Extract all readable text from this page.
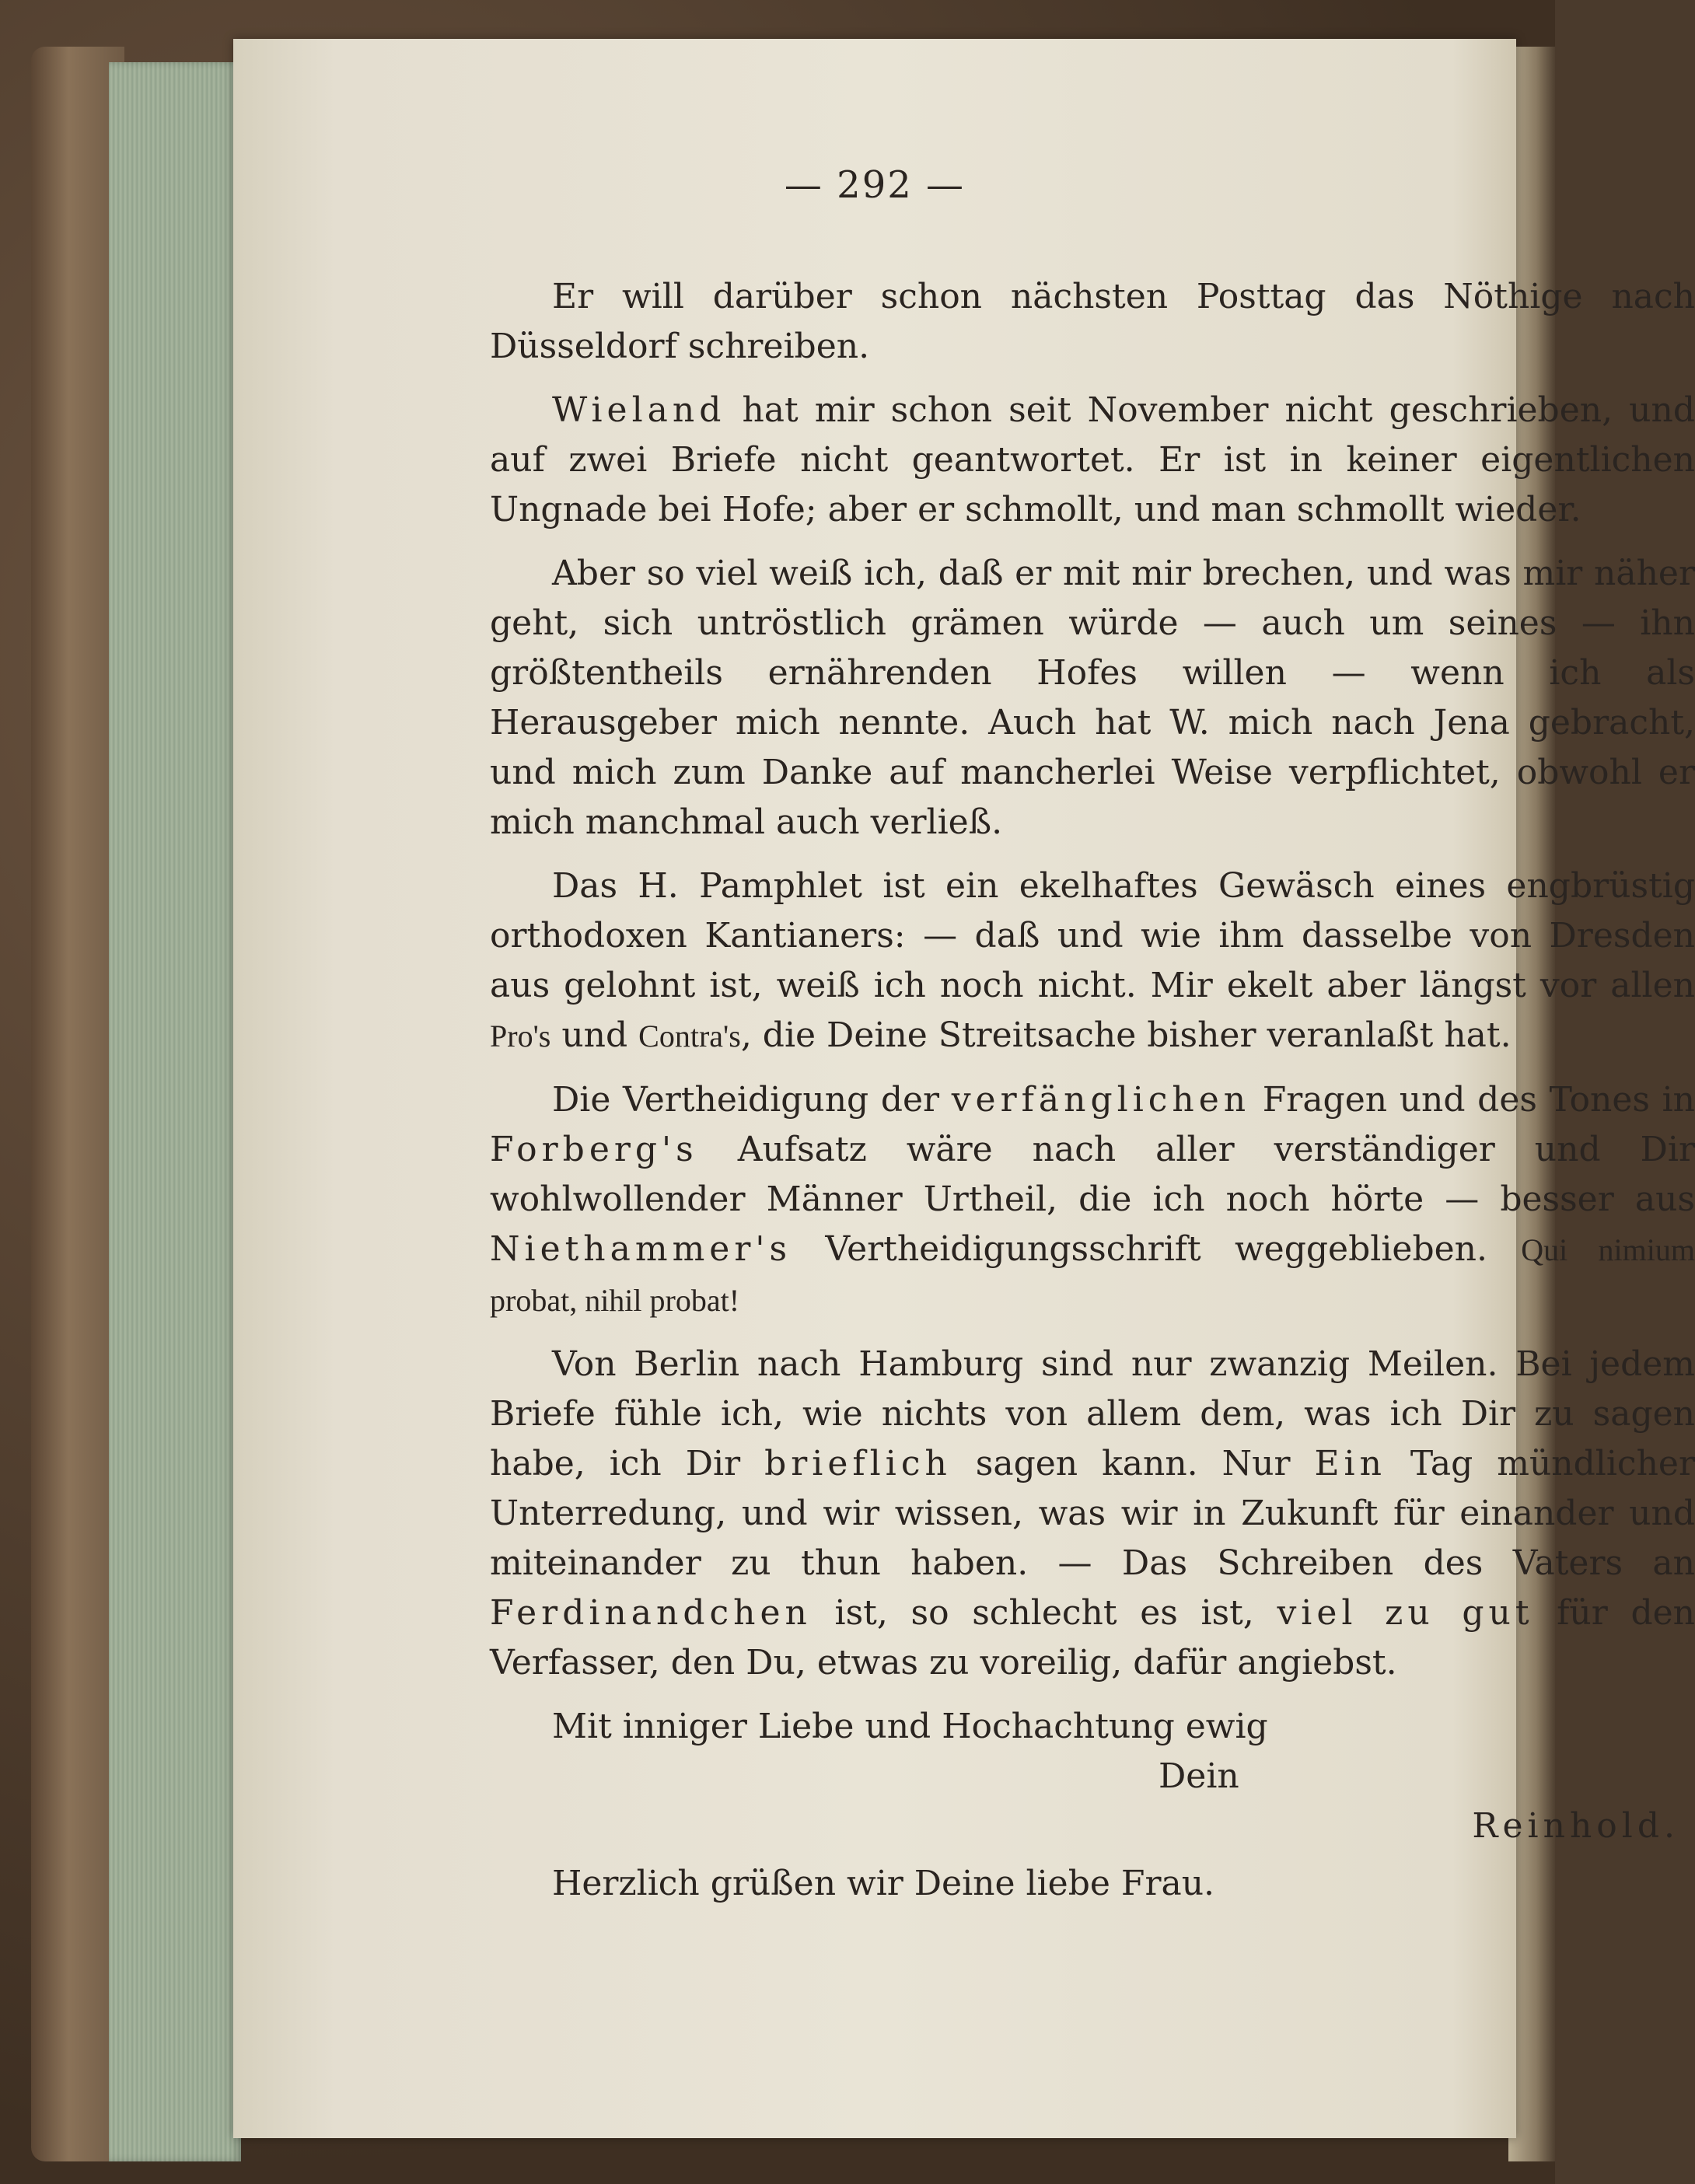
— 292 —

Er will darüber schon nächsten Posttag das Nöthige nach Düsseldorf schreiben.

Wieland hat mir schon seit November nicht geschrieben, und auf zwei Briefe nicht geantwortet. Er ist in keiner eigentlichen Ungnade bei Hofe; aber er schmollt, und man schmollt wieder.

Aber so viel weiß ich, daß er mit mir brechen, und was mir näher geht, sich untröstlich grämen würde — auch um seines — ihn größtentheils ernährenden Hofes willen — wenn ich als Herausgeber mich nennte. Auch hat W. mich nach Jena gebracht, und mich zum Danke auf mancherlei Weise verpflichtet, obwohl er mich manchmal auch verließ.

Das H. Pamphlet ist ein ekelhaftes Gewäsch eines engbrüstig orthodoxen Kantianers: — daß und wie ihm dasselbe von Dresden aus gelohnt ist, weiß ich noch nicht. Mir ekelt aber längst vor allen Pro's und Contra's, die Deine Streitsache bisher veranlaßt hat.

Die Vertheidigung der verfänglichen Fragen und des Tones in Forberg's Aufsatz wäre nach aller verständiger und Dir wohlwollender Männer Urtheil, die ich noch hörte — besser aus Niethammer's Vertheidigungsschrift weggeblieben. Qui nimium probat, nihil probat!

Von Berlin nach Hamburg sind nur zwanzig Meilen. Bei jedem Briefe fühle ich, wie nichts von allem dem, was ich Dir zu sagen habe, ich Dir brieflich sagen kann. Nur Ein Tag mündlicher Unterredung, und wir wissen, was wir in Zukunft für einander und miteinander zu thun haben. — Das Schreiben des Vaters an Ferdinandchen ist, so schlecht es ist, viel zu gut für den Verfasser, den Du, etwas zu voreilig, dafür angiebst.

Mit inniger Liebe und Hochachtung ewig

Dein

Reinhold.

Herzlich grüßen wir Deine liebe Frau.
